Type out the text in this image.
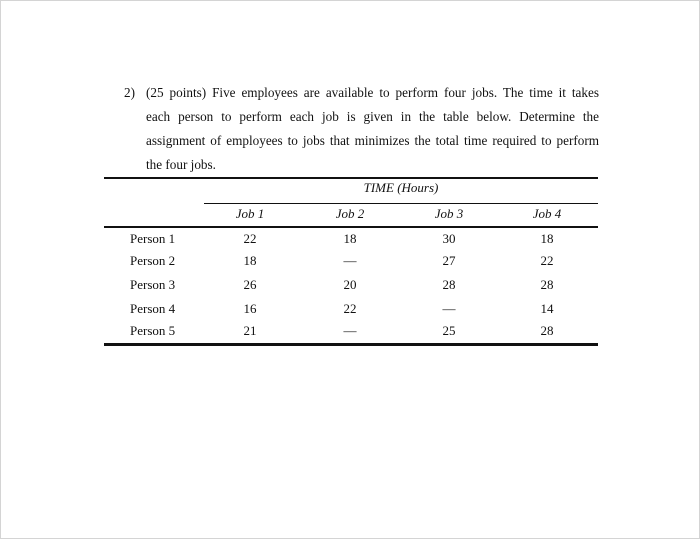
2) (25 points) Five employees are available to perform four jobs. The time it takes
each person to perform each job is given in the table below. Determine the
assignment of employees to jobs that minimizes the total time required to perform
the four jobs.
TIME (Hours)
Job 1	Job 2	Job 3	Job 4
Person 1	22	18	30	18
Person 2	18	—	27	22
Person 3	26	20	28	28
Person 4	16	22	—	14
Person 5	21	—	25	28
